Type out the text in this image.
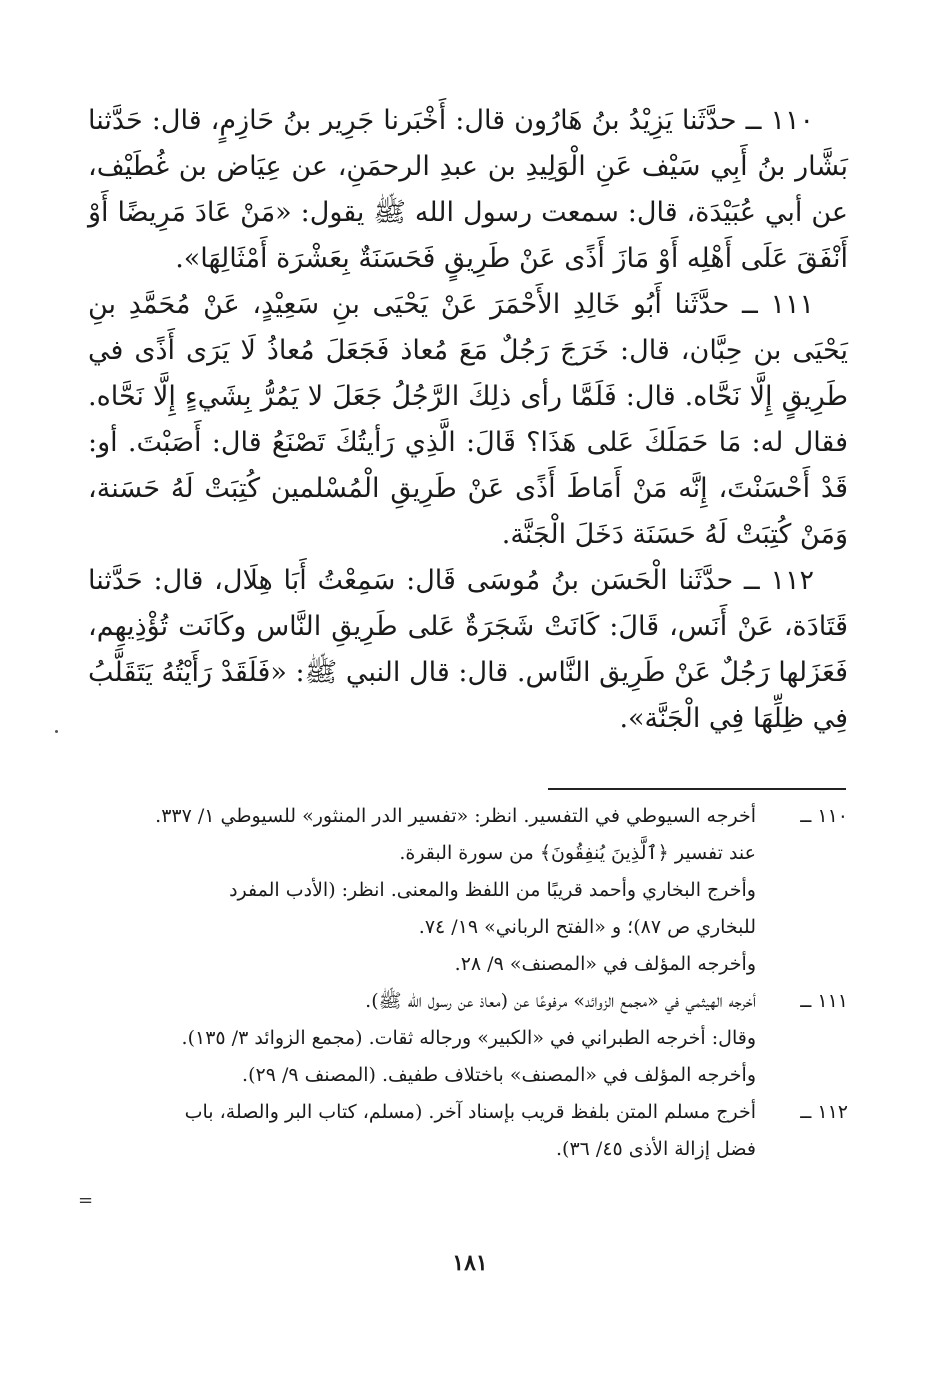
١١٠ ــ حدَّثَنا يَزِيْدُ بنُ هَارُون قال: أَخْبَرنا جَرِير بنُ حَازِمٍ، قال: حَدَّثنا بَشَّار بنُ أَبِي سَيْف عَنِ الْوَلِيدِ بن عبدِ الرحمَنِ، عن عِيَاض بن غُطَيْف، عن أبي عُبَيْدَة، قال: سمعت رسول الله ﷺ يقول: «مَنْ عَادَ مَرِيضًا أَوْ أَنْفَقَ عَلَى أَهْلِه أَوْ مَازَ أَذًى عَنْ طَرِيقٍ فَحَسَنَةٌ بِعَشْرَة أَمْثَالِهَا».

١١١ ــ حدَّثَنا أَبُو خَالِدِ الأَحْمَرَ عَنْ يَحْيَى بنِ سَعِيْدٍ، عَنْ مُحَمَّدِ بنِ يَحْيَى بن حِبَّان، قال: خَرَجَ رَجُلٌ مَعَ مُعاذ فَجَعَلَ مُعاذُ لَا يَرَى أَذًى في طَرِيقٍ إِلَّا نَحَّاه. قال: فَلَمَّا رأى ذلِكَ الرَّجُلُ جَعَلَ لا يَمُرُّ بِشَيءٍ إِلَّا نَحَّاه. فقال له: مَا حَمَلَكَ عَلى هَذَا؟ قَالَ: الَّذِي رَأيتُكَ تَصْنَعُ قال: أَصَبْتَ. أو: قَدْ أَحْسَنْتَ، إِنَّه مَنْ أَمَاطَ أَذًى عَنْ طَرِيقِ الْمُسْلمين كُتِبَتْ لَهُ حَسَنة، وَمَنْ كُتِبَتْ لَهُ حَسَنَة دَخَلَ الْجَنَّة.

١١٢ ــ حدَّثَنا الْحَسَن بنُ مُوسَى قَال: سَمِعْتُ أَبَا هِلَال، قال: حَدَّثنا قَتَادَة، عَنْ أَنَس، قَالَ: كَانَتْ شَجَرَةٌ عَلى طَرِيقِ النَّاس وكَانَت تُؤْذِيهِم، فَعَزَلها رَجُلٌ عَنْ طَرِيق النَّاس. قال: قال النبي ﷺ: «فَلَقَدْ رَأَيْتُهُ يَتَقَلَّبُ فِي ظِلِّهَا فِي الْجَنَّة».

١١٠ ــ
أخرجه السيوطي في التفسير. انظر: «تفسير الدر المنثور» للسيوطي ١/ ٣٣٧.
عند تفسير ﴿ٱلَّذِينَ يُنفِقُونَ﴾ من سورة البقرة.
وأخرج البخاري وأحمد قريبًا من اللفظ والمعنى. انظر: (الأدب المفرد
للبخاري ص ٨٧)؛ و «الفتح الرباني» ١٩/ ٧٤.
وأخرجه المؤلف في «المصنف» ٩/ ٢٨.
١١١ ــ
أخرجه الهيثمي في «مجمع الزوائد» مرفوعًا عن (معاذ عن رسول الله ﷺ).
وقال: أخرجه الطبراني في «الكبير» ورجاله ثقات. (مجمع الزوائد ٣/ ١٣٥).
وأخرجه المؤلف في «المصنف» باختلاف طفيف. (المصنف ٩/ ٢٩).
١١٢ ــ
أخرج مسلم المتن بلفظ قريب بإسناد آخر. (مسلم، كتاب البر والصلة، باب
فضل إزالة الأذى ٤٥/ ٣٦).
=
١٨١
